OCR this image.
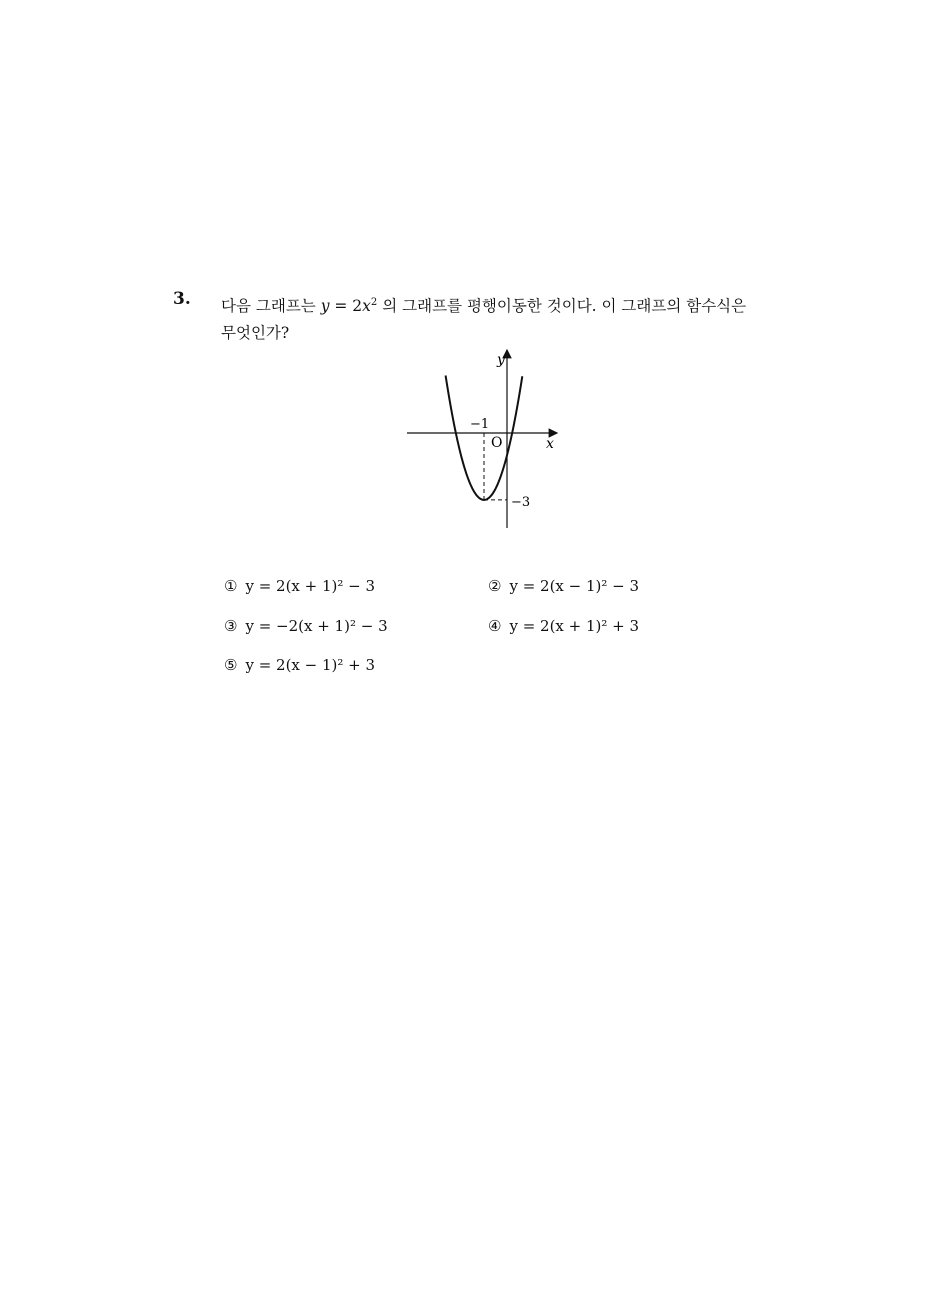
3. 다음 그래프는 $y = 2x^2$ 의 그래프를 평행이동한 것이다. 이 그래프의 함수식은
무엇인가?
y
x
O
−1
−3
① y = 2(x + 1)² − 3	② y = 2(x − 1)² − 3
③ y = −2(x + 1)² − 3	④ y = 2(x + 1)² + 3
⑤ y = 2(x − 1)² + 3
